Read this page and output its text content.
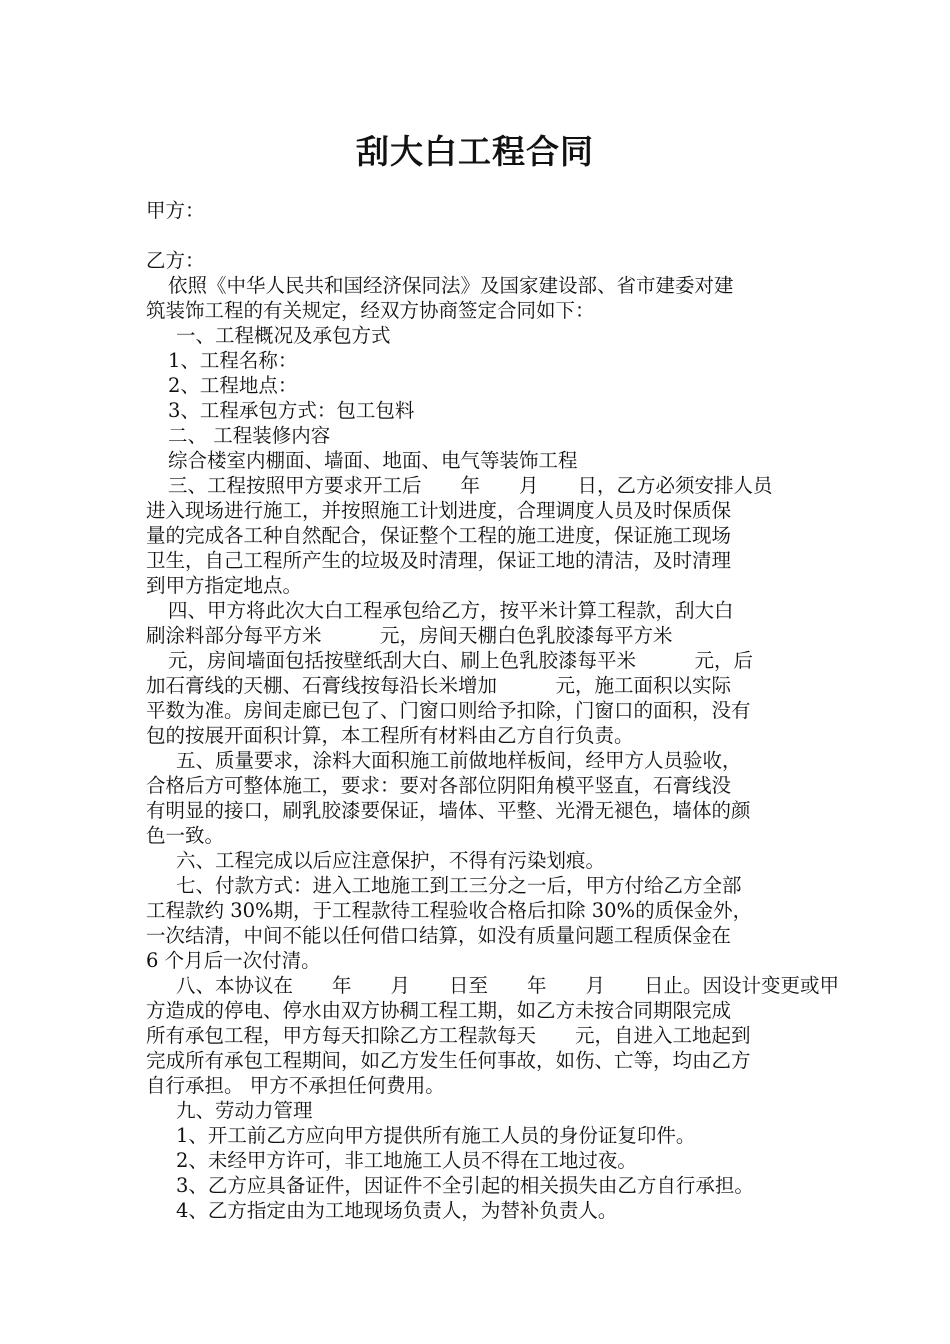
刮大白工程合同

甲方：

乙方：

依照《中华人民共和国经济保同法》及国家建设部、省市建委对建

筑装饰工程的有关规定，经双方协商签定合同如下：

一、工程概况及承包方式

1、工程名称：

2、工程地点：

3、工程承包方式：包工包料

二、 工程装修内容

综合楼室内棚面、墙面、地面、电气等装饰工程

三、工程按照甲方要求开工后　　年　　月　　日，乙方必须安排人员

进入现场进行施工，并按照施工计划进度，合理调度人员及时保质保

量的完成各工种自然配合，保证整个工程的施工进度，保证施工现场

卫生，自己工程所产生的垃圾及时清理，保证工地的清洁，及时清理

到甲方指定地点。

四、甲方将此次大白工程承包给乙方，按平米计算工程款，刮大白

刷涂料部分每平方米　　　元，房间天棚白色乳胶漆每平方米

元，房间墙面包括按壁纸刮大白、刷上色乳胶漆每平米　　　元，后

加石膏线的天棚、石膏线按每沿长米增加　　　元，施工面积以实际

平数为准。房间走廊已包了、门窗口则给予扣除，门窗口的面积，没有

包的按展开面积计算，本工程所有材料由乙方自行负责。

五、质量要求，涂料大面积施工前做地样板间，经甲方人员验收，

合格后方可整体施工，要求：要对各部位阴阳角模平竖直，石膏线没

有明显的接口，刷乳胶漆要保证，墙体、平整、光滑无褪色，墙体的颜

色一致。

六、工程完成以后应注意保护，不得有污染划痕。

七、付款方式：进入工地施工到工三分之一后，甲方付给乙方全部

工程款约 30%期，于工程款待工程验收合格后扣除 30%的质保金外，

一次结清，中间不能以任何借口结算，如没有质量问题工程质保金在

6 个月后一次付清。

八、本协议在　　年　　月　　日至　　年　　月　　日止。因设计变更或甲

方造成的停电、停水由双方协稠工程工期，如乙方未按合同期限完成

所有承包工程，甲方每天扣除乙方工程款每天　　元，自进入工地起到

完成所有承包工程期间，如乙方发生任何事故，如伤、亡等，均由乙方

自行承担。 甲方不承担任何费用。

九、劳动力管理

1、开工前乙方应向甲方提供所有施工人员的身份证复印件。

2、未经甲方许可，非工地施工人员不得在工地过夜。

3、乙方应具备证件，因证件不全引起的相关损失由乙方自行承担。

4、乙方指定由为工地现场负责人，为替补负责人。
